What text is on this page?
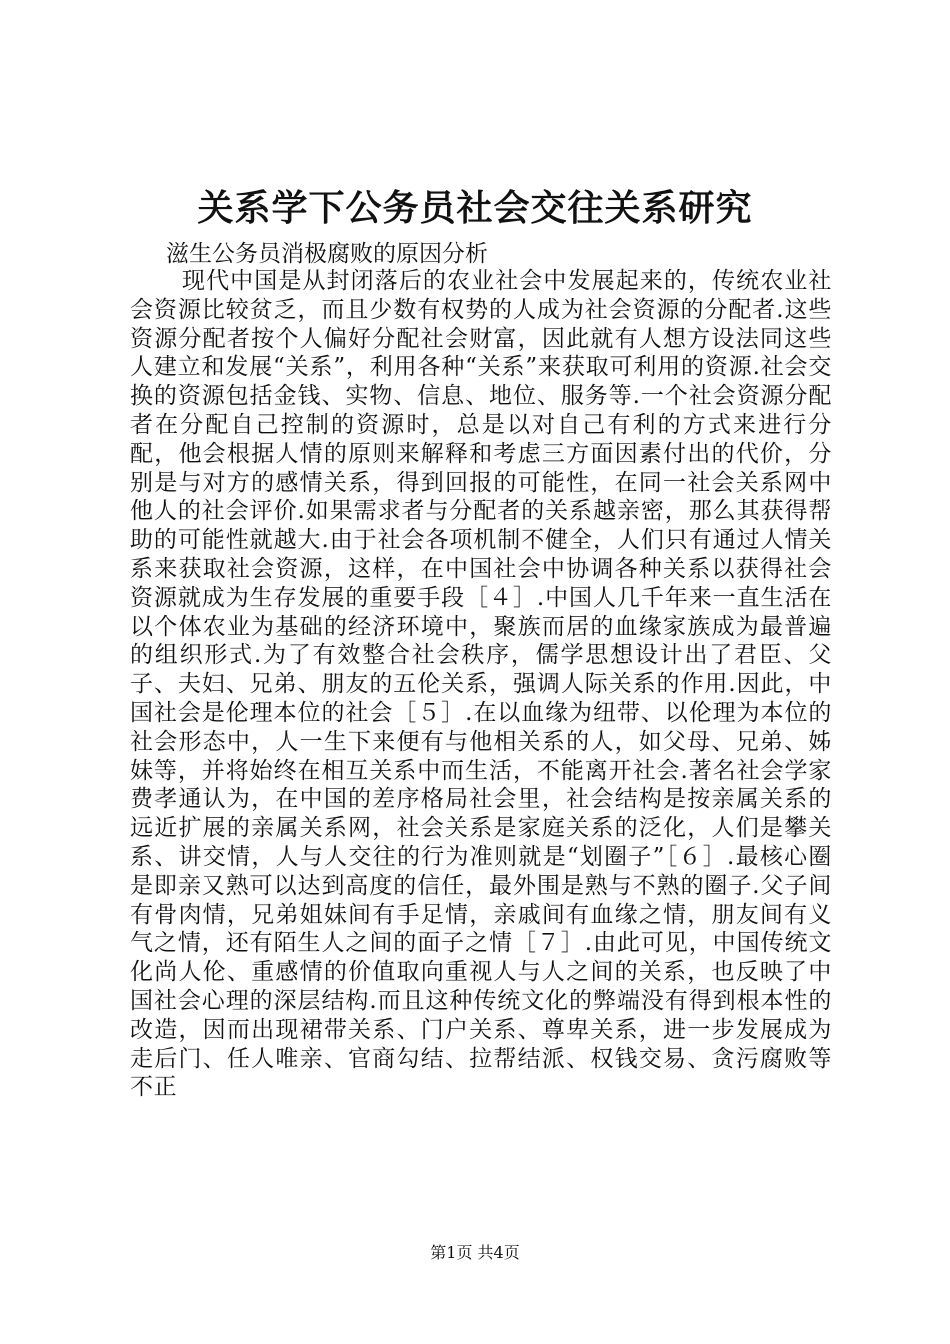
关系学下公务员社会交往关系研究

滋生公务员消极腐败的原因分析

现代中国是从封闭落后的农业社会中发展起来的，传统农业社会资源比较贫乏，而且少数有权势的人成为社会资源的分配者.这些资源分配者按个人偏好分配社会财富，因此就有人想方设法同这些人建立和发展“关系”，利用各种“关系”来获取可利用的资源.社会交换的资源包括金钱、实物、信息、地位、服务等.一个社会资源分配者在分配自己控制的资源时，总是以对自己有利的方式来进行分配，他会根据人情的原则来解释和考虑三方面因素付出的代价，分别是与对方的感情关系，得到回报的可能性，在同一社会关系网中他人的社会评价.如果需求者与分配者的关系越亲密，那么其获得帮助的可能性就越大.由于社会各项机制不健全，人们只有通过人情关系来获取社会资源，这样，在中国社会中协调各种关系以获得社会资源就成为生存发展的重要手段［４］.中国人几千年来一直生活在以个体农业为基础的经济环境中，聚族而居的血缘家族成为最普遍的组织形式.为了有效整合社会秩序，儒学思想设计出了君臣、父子、夫妇、兄弟、朋友的五伦关系，强调人际关系的作用.因此，中国社会是伦理本位的社会［５］.在以血缘为纽带、以伦理为本位的社会形态中，人一生下来便有与他相关系的人，如父母、兄弟、姊妹等，并将始终在相互关系中而生活，不能离开社会.著名社会学家费孝通认为，在中国的差序格局社会里，社会结构是按亲属关系的远近扩展的亲属关系网，社会关系是家庭关系的泛化，人们是攀关系、讲交情，人与人交往的行为准则就是“划圈子”［６］.最核心圈是即亲又熟可以达到高度的信任，最外围是熟与不熟的圈子.父子间有骨肉情，兄弟姐妹间有手足情，亲戚间有血缘之情，朋友间有义气之情，还有陌生人之间的面子之情［７］.由此可见，中国传统文化尚人伦、重感情的价值取向重视人与人之间的关系，也反映了中国社会心理的深层结构.而且这种传统文化的弊端没有得到根本性的改造，因而出现裙带关系、门户关系、尊卑关系，进一步发展成为走后门、任人唯亲、官商勾结、拉帮结派、权钱交易、贪污腐败等不正

第1页 共4页
